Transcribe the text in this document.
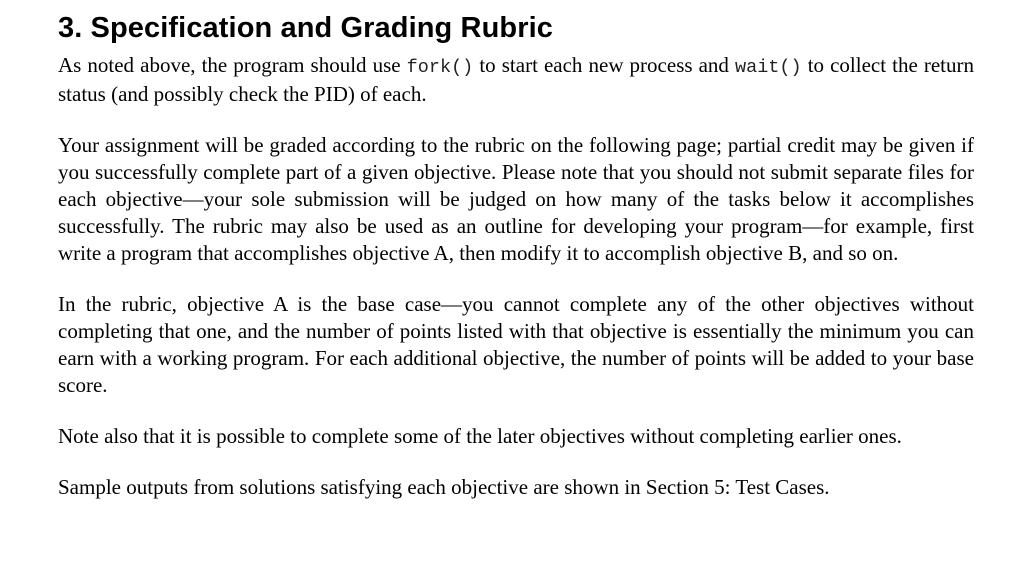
3. Specification and Grading Rubric

As noted above, the program should use fork() to start each new process and wait() to collect the return status (and possibly check the PID) of each.

Your assignment will be graded according to the rubric on the following page; partial credit may be given if you successfully complete part of a given objective. Please note that you should not submit separate files for each objective—your sole submission will be judged on how many of the tasks below it accomplishes successfully. The rubric may also be used as an outline for developing your program—for example, first write a program that accomplishes objective A, then modify it to accomplish objective B, and so on.

In the rubric, objective A is the base case—you cannot complete any of the other objectives without completing that one, and the number of points listed with that objective is essentially the minimum you can earn with a working program. For each additional objective, the number of points will be added to your base score.

Note also that it is possible to complete some of the later objectives without completing earlier ones.

Sample outputs from solutions satisfying each objective are shown in Section 5: Test Cases.
